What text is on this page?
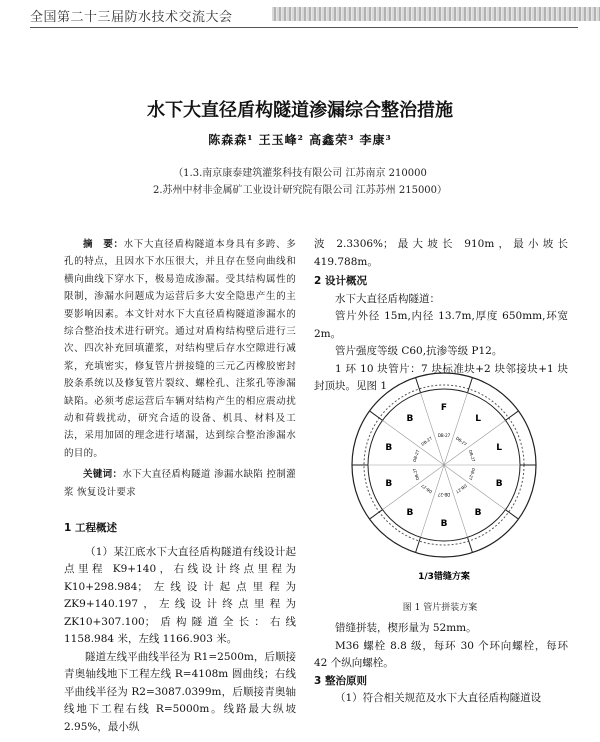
全国第二十三届防水技术交流大会
水下大直径盾构隧道渗漏综合整治措施
陈森森¹ 王玉峰² 高鑫荣³ 李康³
（1.3.南京康泰建筑灌浆科技有限公司 江苏南京 210000
2.苏州中材非金属矿工业设计研究院有限公司 江苏苏州 215000）

摘　要：水下大直径盾构隧道本身具有多跨、多孔的特点，且因水下水压很大，并且存在竖向曲线和横向曲线下穿水下，极易造成渗漏。受其结构属性的限制，渗漏水问题成为运营后多大安全隐患产生的主要影响因素。本文针对水下大直径盾构隧道渗漏水的综合整治技术进行研究。通过对盾构结构壁后进行三次、四次补充回填灌浆，对结构壁后存水空隙进行减浆，充填密实，修复管片拼接缝的三元乙丙橡胶密封胶条系统以及修复管片裂纹、螺栓孔、注浆孔等渗漏缺陷。必须考虑运营后车辆对结构产生的相应震动扰动和荷载扰动，研究合适的设备、机具、材料及工法，采用加固的理念进行堵漏，达到综合整治渗漏水的目的。

关键词：水下大直径盾构隧道 渗漏水缺陷 控制灌浆 恢复设计要求

1 工程概述

（1）某江底水下大直径盾构隧道有线设计起点里程 K9+140，右线设计终点里程为 K10+298.984；左线设计起点里程为 ZK9+140.197，左线设计终点里程为 ZK10+307.100；盾构隧道全长：右线 1158.984 米，左线 1166.903 米。

隧道左线平曲线半径为 R1=2500m，后顺接青奥轴线地下工程左线 R=4108m 圆曲线；右线平曲线半径为 R2=3087.0399m，后顺接青奥轴线地下工程右线 R=5000m。线路最大纵坡 2.95%，最小纵

波 2.3306%；最大坡长 910m，最小坡长 419.788m。

2 设计概况

水下大直径盾构隧道：

管片外径 15m,内径 13.7m,厚度 650mm,环宽 2m。

管片强度等级 C60,抗渗等级 P12。

1 环 10 块管片：7 块标准块+2 块邻接块+1 块封顶块。见图 1

F
DB-27
L
DB-27
L
DB-27
B
DB-27
B
DB-27
B
DB-27
B
DB-27
B
DB-27
B
DB-27
B
DB-27
1/3错缝方案
图 1 管片拼装方案

错缝拼装，楔形量为 52mm。

M36 螺栓 8.8 级，每环 30 个环向螺栓，每环 42 个纵向螺栓。

3 整治原则

（1）符合相关规范及水下大直径盾构隧道设
